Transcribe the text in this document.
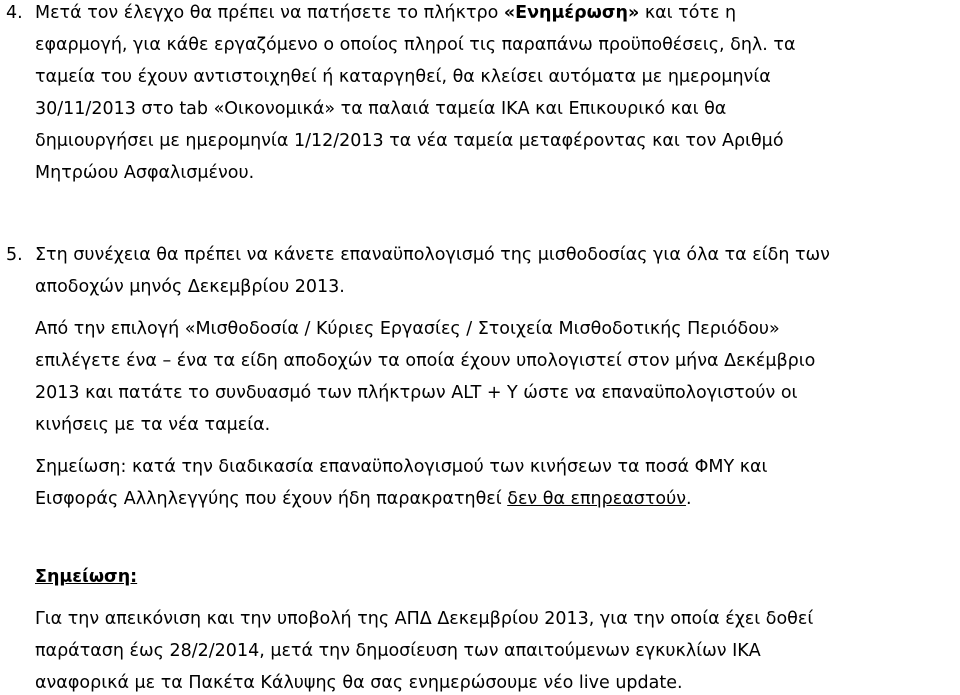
4. Μετά τον έλεγχο θα πρέπει να πατήσετε το πλήκτρο «Ενημέρωση» και τότε η
εφαρμογή, για κάθε εργαζόμενο ο οποίος πληροί τις παραπάνω προϋποθέσεις, δηλ. τα
ταμεία του έχουν αντιστοιχηθεί ή καταργηθεί, θα κλείσει αυτόματα με ημερομηνία
30/11/2013 στο tab «Οικονομικά» τα παλαιά ταμεία ΙΚΑ και Επικουρικό και θα
δημιουργήσει με ημερομηνία 1/12/2013 τα νέα ταμεία μεταφέροντας και τον Αριθμό
Μητρώου Ασφαλισμένου.
5. Στη συνέχεια θα πρέπει να κάνετε επαναϋπολογισμό της μισθοδοσίας για όλα τα είδη των
αποδοχών μηνός Δεκεμβρίου 2013.
Από την επιλογή «Μισθοδοσία / Κύριες Εργασίες / Στοιχεία Μισθοδοτικής Περιόδου»
επιλέγετε ένα – ένα τα είδη αποδοχών τα οποία έχουν υπολογιστεί στον μήνα Δεκέμβριο
2013 και πατάτε το συνδυασμό των πλήκτρων ALT + Y ώστε να επαναϋπολογιστούν οι
κινήσεις με τα νέα ταμεία.
Σημείωση: κατά την διαδικασία επαναϋπολογισμού των κινήσεων τα ποσά ΦΜΥ και
Εισφοράς Αλληλεγγύης που έχουν ήδη παρακρατηθεί δεν θα επηρεαστούν.
Σημείωση:
Για την απεικόνιση και την υποβολή της ΑΠΔ Δεκεμβρίου 2013, για την οποία έχει δοθεί
παράταση έως 28/2/2014, μετά την δημοσίευση των απαιτούμενων εγκυκλίων ΙΚΑ
αναφορικά με τα Πακέτα Κάλυψης θα σας ενημερώσουμε νέο live update.
